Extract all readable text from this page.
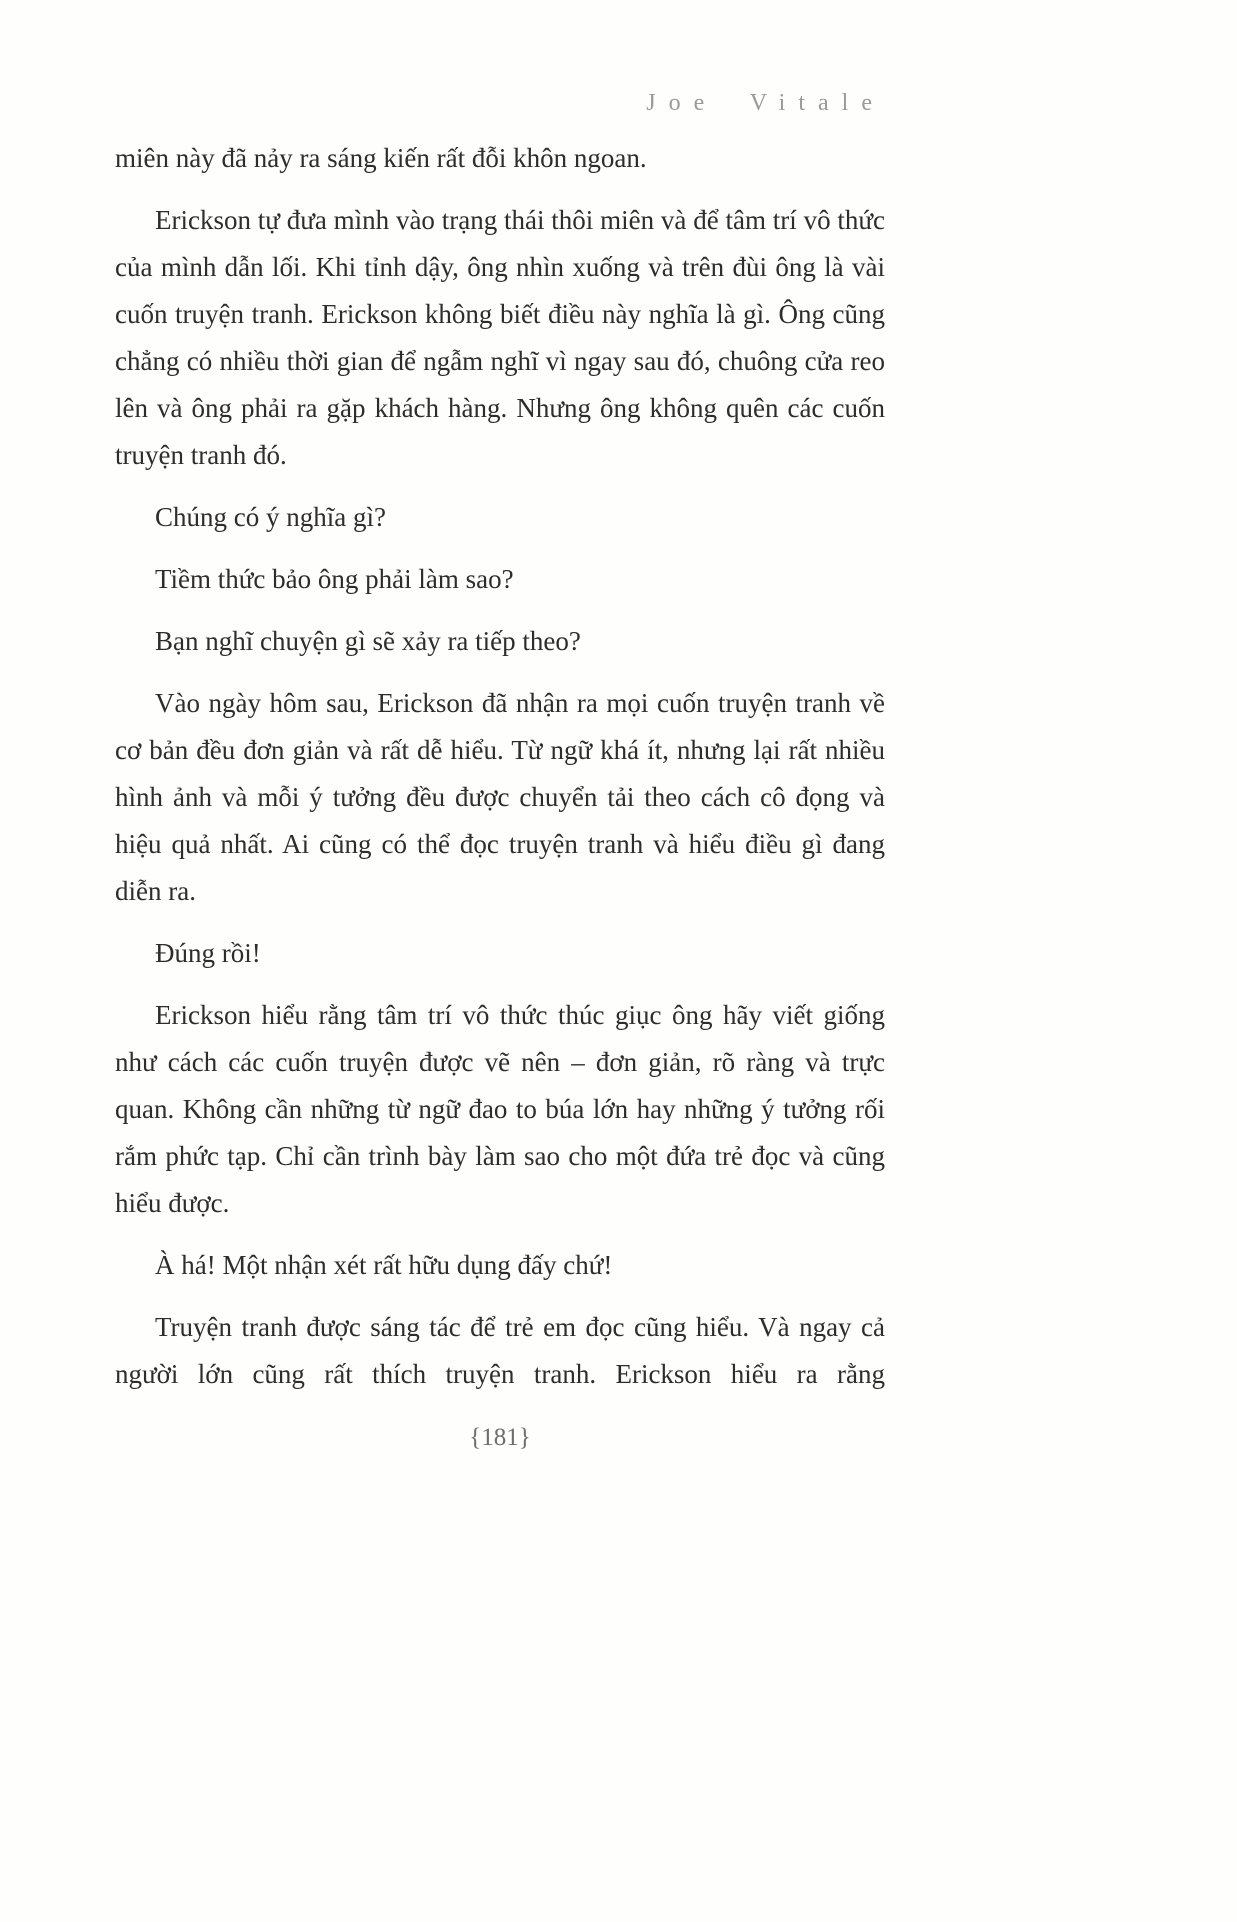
Joe Vitale

miên này đã nảy ra sáng kiến rất đỗi khôn ngoan.

Erickson tự đưa mình vào trạng thái thôi miên và để tâm trí vô thức của mình dẫn lối. Khi tỉnh dậy, ông nhìn xuống và trên đùi ông là vài cuốn truyện tranh. Erickson không biết điều này nghĩa là gì. Ông cũng chẳng có nhiều thời gian để ngẫm nghĩ vì ngay sau đó, chuông cửa reo lên và ông phải ra gặp khách hàng. Nhưng ông không quên các cuốn truyện tranh đó.

Chúng có ý nghĩa gì?

Tiềm thức bảo ông phải làm sao?

Bạn nghĩ chuyện gì sẽ xảy ra tiếp theo?

Vào ngày hôm sau, Erickson đã nhận ra mọi cuốn truyện tranh về cơ bản đều đơn giản và rất dễ hiểu. Từ ngữ khá ít, nhưng lại rất nhiều hình ảnh và mỗi ý tưởng đều được chuyển tải theo cách cô đọng và hiệu quả nhất. Ai cũng có thể đọc truyện tranh và hiểu điều gì đang diễn ra.

Đúng rồi!

Erickson hiểu rằng tâm trí vô thức thúc giục ông hãy viết giống như cách các cuốn truyện được vẽ nên – đơn giản, rõ ràng và trực quan. Không cần những từ ngữ đao to búa lớn hay những ý tưởng rối rắm phức tạp. Chỉ cần trình bày làm sao cho một đứa trẻ đọc và cũng hiểu được.

À há! Một nhận xét rất hữu dụng đấy chứ!

Truyện tranh được sáng tác để trẻ em đọc cũng hiểu. Và ngay cả người lớn cũng rất thích truyện tranh. Erickson hiểu ra rằng

{181}
